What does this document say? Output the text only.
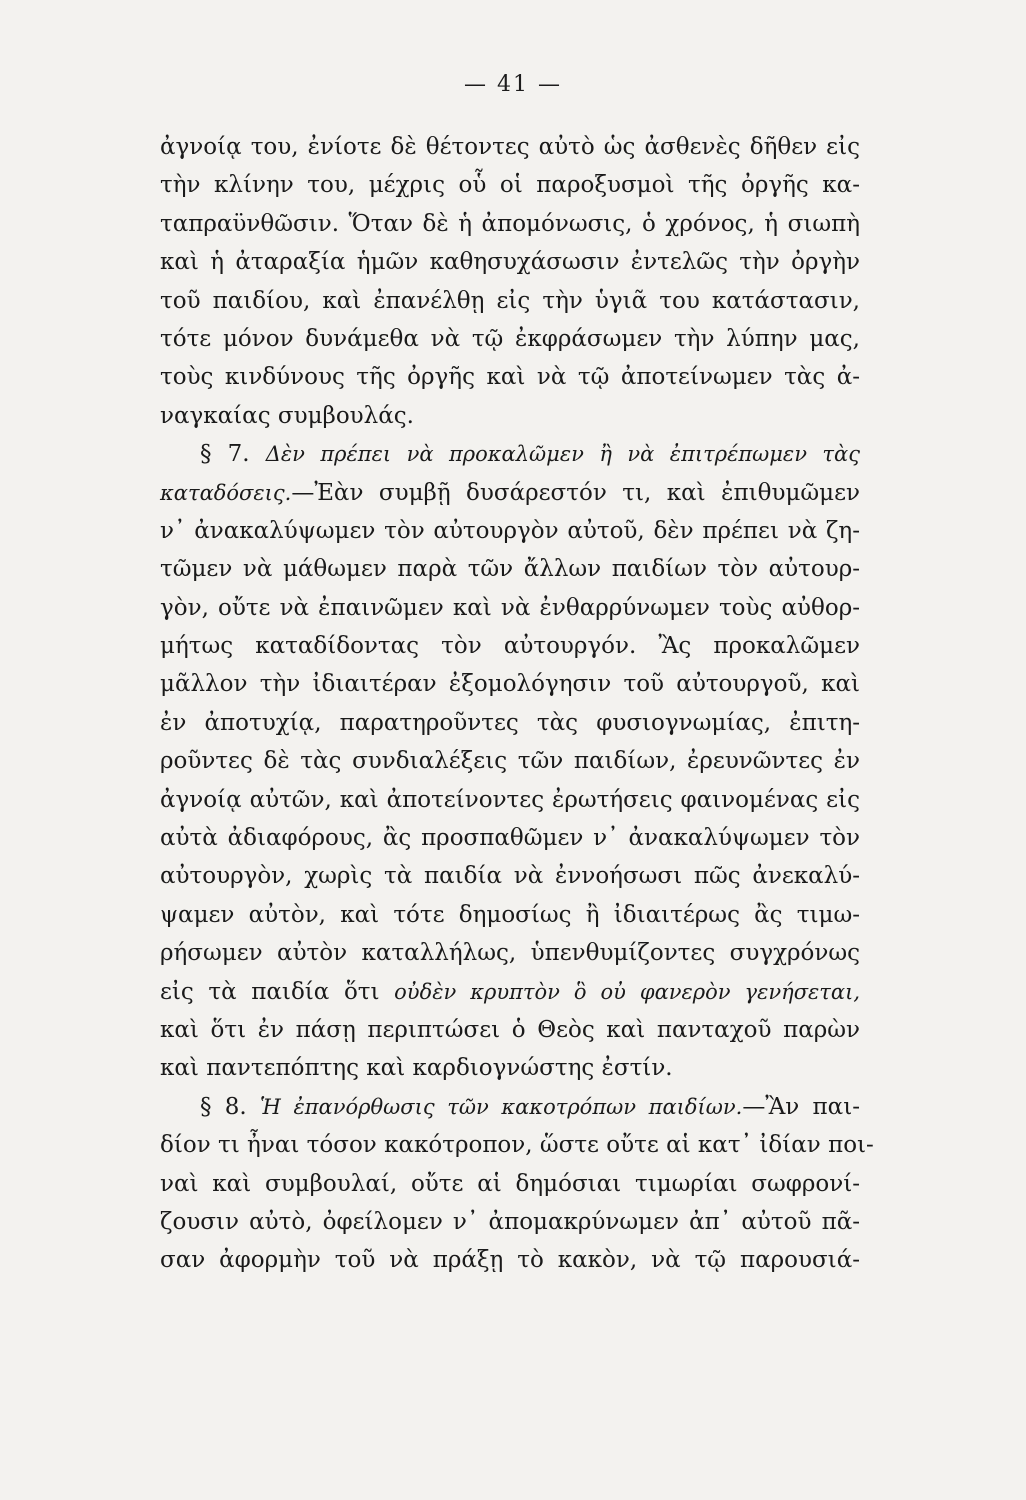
— 41 —
ἀγνοίᾳ του, ἐνίοτε δὲ θέτοντες αὐτὸ ὡς ἀσθενὲς δῆθεν εἰς
τὴν κλίνην του, μέχρις οὗ οἱ παροξυσμοὶ τῆς ὀργῆς κα-
ταπραϋνθῶσιν. Ὅταν δὲ ἡ ἀπομόνωσις, ὁ χρόνος, ἡ σιωπὴ
καὶ ἡ ἀταραξία ἡμῶν καθησυχάσωσιν ἐντελῶς τὴν ὀργὴν
τοῦ παιδίου, καὶ ἐπανέλθῃ εἰς τὴν ὑγιᾶ του κατάστασιν,
τότε μόνον δυνάμεθα νὰ τῷ ἐκφράσωμεν τὴν λύπην μας,
τοὺς κινδύνους τῆς ὀργῆς καὶ νὰ τῷ ἀποτείνωμεν τὰς ἀ-
ναγκαίας συμβουλάς.
§ 7. Δὲν πρέπει νὰ προκαλῶμεν ἢ νὰ ἐπιτρέπωμεν τὰς
καταδόσεις.—Ἐὰν συμβῇ δυσάρεστόν τι, καὶ ἐπιθυμῶμεν
ν᾽ ἀνακαλύψωμεν τὸν αὐτουργὸν αὐτοῦ, δὲν πρέπει νὰ ζη-
τῶμεν νὰ μάθωμεν παρὰ τῶν ἄλλων παιδίων τὸν αὐτουρ-
γὸν, οὔτε νὰ ἐπαινῶμεν καὶ νὰ ἐνθαρρύνωμεν τοὺς αὐθορ-
μήτως καταδίδοντας τὸν αὐτουργόν. Ἂς προκαλῶμεν
μᾶλλον τὴν ἰδιαιτέραν ἐξομολόγησιν τοῦ αὐτουργοῦ, καὶ
ἐν ἀποτυχίᾳ, παρατηροῦντες τὰς φυσιογνωμίας, ἐπιτη-
ροῦντες δὲ τὰς συνδιαλέξεις τῶν παιδίων, ἐρευνῶντες ἐν
ἀγνοίᾳ αὐτῶν, καὶ ἀποτείνοντες ἐρωτήσεις φαινομένας εἰς
αὐτὰ ἀδιαφόρους, ἂς προσπαθῶμεν ν᾽ ἀνακαλύψωμεν τὸν
αὐτουργὸν, χωρὶς τὰ παιδία νὰ ἐννοήσωσι πῶς ἀνεκαλύ-
ψαμεν αὐτὸν, καὶ τότε δημοσίως ἢ ἰδιαιτέρως ἂς τιμω-
ρήσωμεν αὐτὸν καταλλήλως, ὑπενθυμίζοντες συγχρόνως
εἰς τὰ παιδία ὅτι οὐδὲν κρυπτὸν ὃ οὐ φανερὸν γενήσεται,
καὶ ὅτι ἐν πάσῃ περιπτώσει ὁ Θεὸς καὶ πανταχοῦ παρὼν
καὶ παντεπόπτης καὶ καρδιογνώστης ἐστίν.
§ 8. Ἡ ἐπανόρθωσις τῶν κακοτρόπων παιδίων.—Ἂν παι-
δίον τι ἦναι τόσον κακότροπον, ὥστε οὔτε αἱ κατ᾽ ἰδίαν ποι-
ναὶ καὶ συμβουλαί, οὔτε αἱ δημόσιαι τιμωρίαι σωφρονί-
ζουσιν αὐτὸ, ὀφείλομεν ν᾽ ἀπομακρύνωμεν ἀπ᾽ αὐτοῦ πᾶ-
σαν ἀφορμὴν τοῦ νὰ πράξῃ τὸ κακὸν, νὰ τῷ παρουσιά-
